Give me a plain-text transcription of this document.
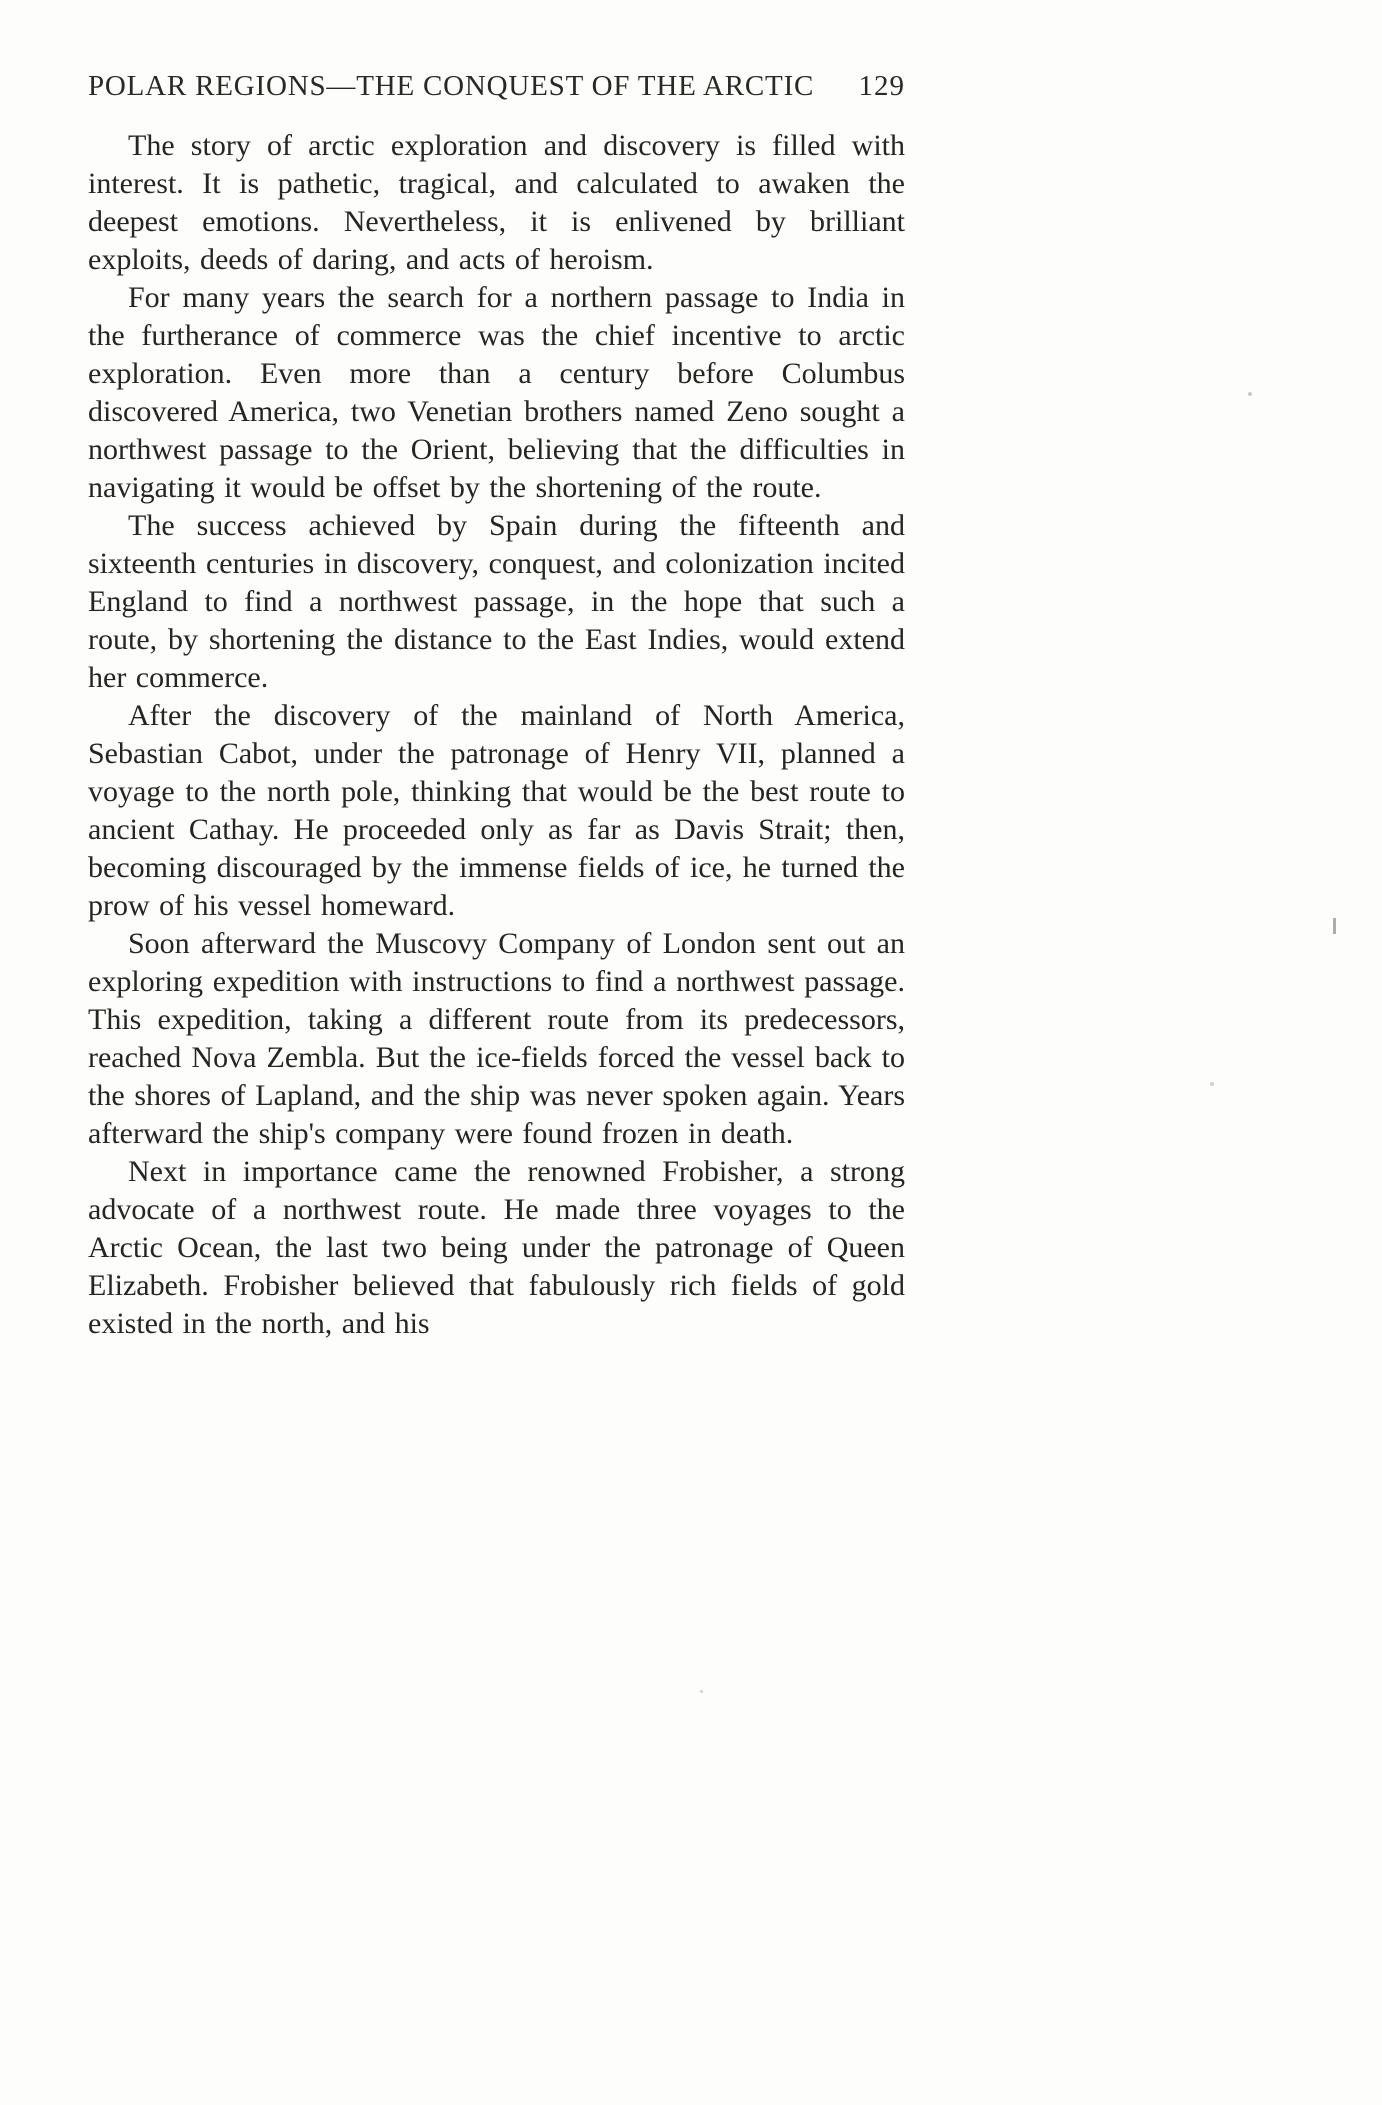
POLAR REGIONS—THE CONQUEST OF THE ARCTIC	129

The story of arctic exploration and discovery is filled with interest. It is pathetic, tragical, and calculated to awaken the deepest emotions. Nevertheless, it is enlivened by brilliant exploits, deeds of daring, and acts of heroism.

For many years the search for a northern passage to India in the furtherance of commerce was the chief incentive to arctic exploration. Even more than a century before Columbus discovered America, two Venetian brothers named Zeno sought a northwest passage to the Orient, believing that the difficulties in navigating it would be offset by the shortening of the route.

The success achieved by Spain during the fifteenth and sixteenth centuries in discovery, conquest, and colonization incited England to find a northwest passage, in the hope that such a route, by shortening the distance to the East Indies, would extend her commerce.

After the discovery of the mainland of North America, Sebastian Cabot, under the patronage of Henry VII, planned a voyage to the north pole, thinking that would be the best route to ancient Cathay. He proceeded only as far as Davis Strait; then, becoming discouraged by the immense fields of ice, he turned the prow of his vessel homeward.

Soon afterward the Muscovy Company of London sent out an exploring expedition with instructions to find a northwest passage. This expedition, taking a different route from its predecessors, reached Nova Zembla. But the ice-fields forced the vessel back to the shores of Lapland, and the ship was never spoken again. Years afterward the ship's company were found frozen in death.

Next in importance came the renowned Frobisher, a strong advocate of a northwest route. He made three voyages to the Arctic Ocean, the last two being under the patronage of Queen Elizabeth. Frobisher believed that fabulously rich fields of gold existed in the north, and his
